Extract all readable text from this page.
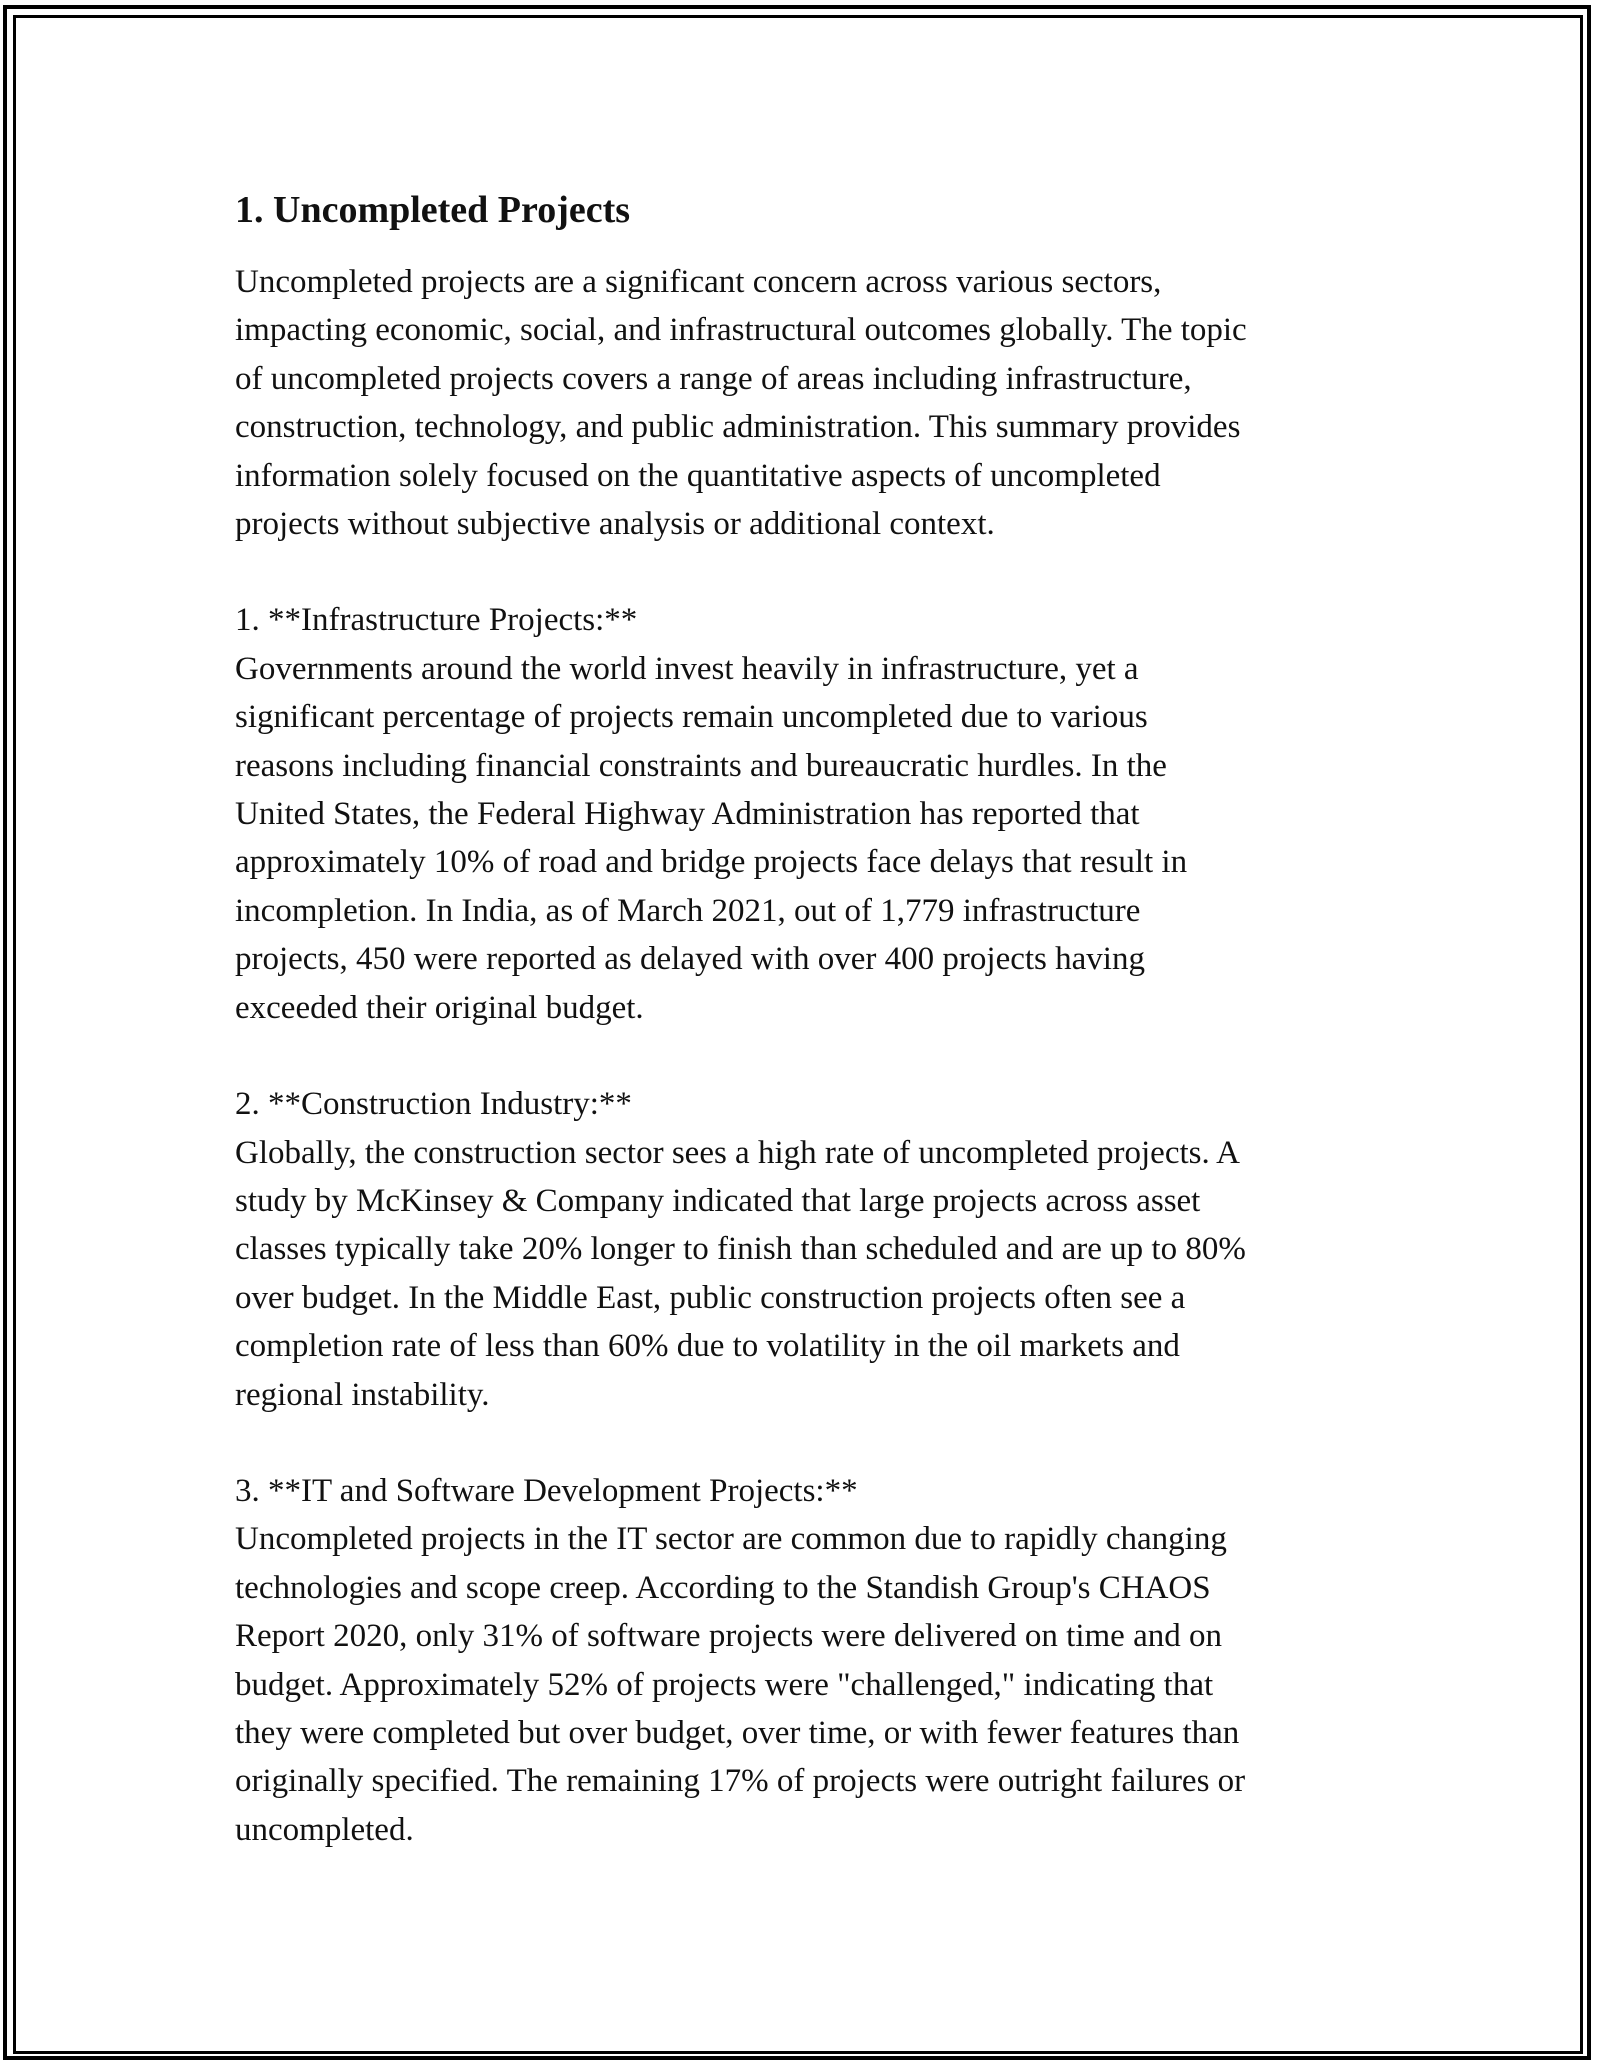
1. Uncompleted Projects

Uncompleted projects are a significant concern across various sectors,
impacting economic, social, and infrastructural outcomes globally. The topic
of uncompleted projects covers a range of areas including infrastructure,
construction, technology, and public administration. This summary provides
information solely focused on the quantitative aspects of uncompleted
projects without subjective analysis or additional context.

1. **Infrastructure Projects:**

Governments around the world invest heavily in infrastructure, yet a
significant percentage of projects remain uncompleted due to various
reasons including financial constraints and bureaucratic hurdles. In the
United States, the Federal Highway Administration has reported that
approximately 10% of road and bridge projects face delays that result in
incompletion. In India, as of March 2021, out of 1,779 infrastructure
projects, 450 were reported as delayed with over 400 projects having
exceeded their original budget.

2. **Construction Industry:**

Globally, the construction sector sees a high rate of uncompleted projects. A
study by McKinsey & Company indicated that large projects across asset
classes typically take 20% longer to finish than scheduled and are up to 80%
over budget. In the Middle East, public construction projects often see a
completion rate of less than 60% due to volatility in the oil markets and
regional instability.

3. **IT and Software Development Projects:**

Uncompleted projects in the IT sector are common due to rapidly changing
technologies and scope creep. According to the Standish Group's CHAOS
Report 2020, only 31% of software projects were delivered on time and on
budget. Approximately 52% of projects were "challenged," indicating that
they were completed but over budget, over time, or with fewer features than
originally specified. The remaining 17% of projects were outright failures or
uncompleted.
